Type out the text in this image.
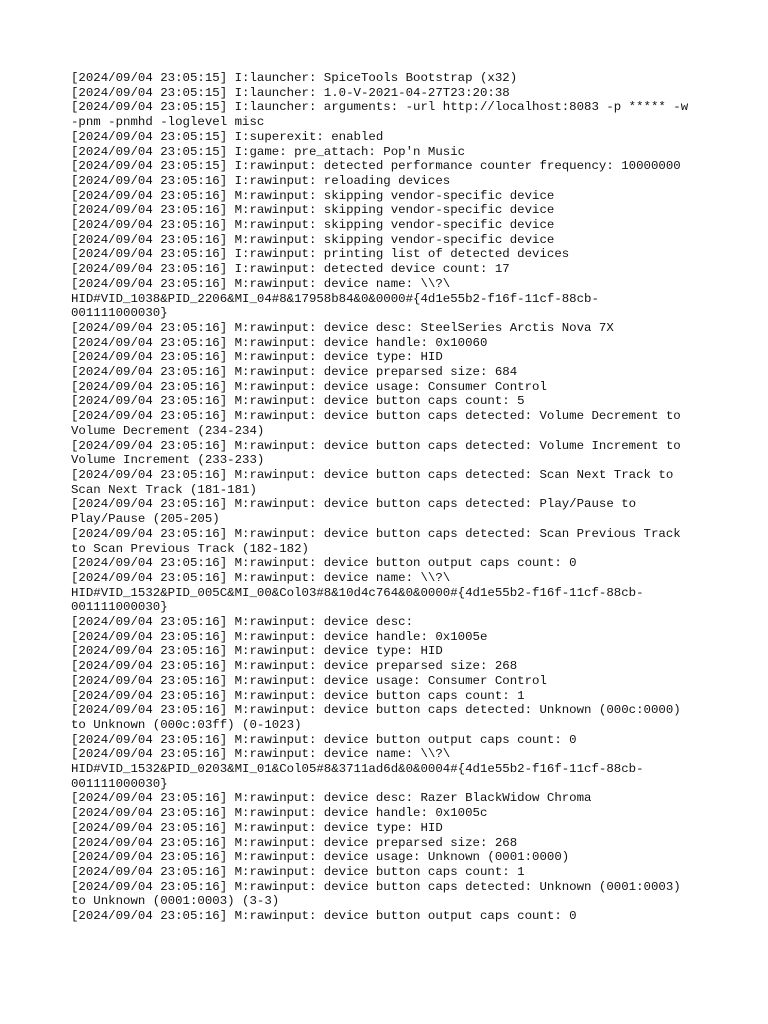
[2024/09/04 23:05:15] I:launcher: SpiceTools Bootstrap (x32)
[2024/09/04 23:05:15] I:launcher: 1.0-V-2021-04-27T23:20:38
[2024/09/04 23:05:15] I:launcher: arguments: -url http://localhost:8083 -p ***** -w
-pnm -pnmhd -loglevel misc
[2024/09/04 23:05:15] I:superexit: enabled
[2024/09/04 23:05:15] I:game: pre_attach: Pop'n Music
[2024/09/04 23:05:15] I:rawinput: detected performance counter frequency: 10000000
[2024/09/04 23:05:16] I:rawinput: reloading devices
[2024/09/04 23:05:16] M:rawinput: skipping vendor-specific device
[2024/09/04 23:05:16] M:rawinput: skipping vendor-specific device
[2024/09/04 23:05:16] M:rawinput: skipping vendor-specific device
[2024/09/04 23:05:16] M:rawinput: skipping vendor-specific device
[2024/09/04 23:05:16] I:rawinput: printing list of detected devices
[2024/09/04 23:05:16] I:rawinput: detected device count: 17
[2024/09/04 23:05:16] M:rawinput: device name: \\?\
HID#VID_1038&PID_2206&MI_04#8&17958b84&0&0000#{4d1e55b2-f16f-11cf-88cb-
001111000030}
[2024/09/04 23:05:16] M:rawinput: device desc: SteelSeries Arctis Nova 7X
[2024/09/04 23:05:16] M:rawinput: device handle: 0x10060
[2024/09/04 23:05:16] M:rawinput: device type: HID
[2024/09/04 23:05:16] M:rawinput: device preparsed size: 684
[2024/09/04 23:05:16] M:rawinput: device usage: Consumer Control
[2024/09/04 23:05:16] M:rawinput: device button caps count: 5
[2024/09/04 23:05:16] M:rawinput: device button caps detected: Volume Decrement to
Volume Decrement (234-234)
[2024/09/04 23:05:16] M:rawinput: device button caps detected: Volume Increment to
Volume Increment (233-233)
[2024/09/04 23:05:16] M:rawinput: device button caps detected: Scan Next Track to
Scan Next Track (181-181)
[2024/09/04 23:05:16] M:rawinput: device button caps detected: Play/Pause to
Play/Pause (205-205)
[2024/09/04 23:05:16] M:rawinput: device button caps detected: Scan Previous Track
to Scan Previous Track (182-182)
[2024/09/04 23:05:16] M:rawinput: device button output caps count: 0
[2024/09/04 23:05:16] M:rawinput: device name: \\?\
HID#VID_1532&PID_005C&MI_00&Col03#8&10d4c764&0&0000#{4d1e55b2-f16f-11cf-88cb-
001111000030}
[2024/09/04 23:05:16] M:rawinput: device desc:
[2024/09/04 23:05:16] M:rawinput: device handle: 0x1005e
[2024/09/04 23:05:16] M:rawinput: device type: HID
[2024/09/04 23:05:16] M:rawinput: device preparsed size: 268
[2024/09/04 23:05:16] M:rawinput: device usage: Consumer Control
[2024/09/04 23:05:16] M:rawinput: device button caps count: 1
[2024/09/04 23:05:16] M:rawinput: device button caps detected: Unknown (000c:0000)
to Unknown (000c:03ff) (0-1023)
[2024/09/04 23:05:16] M:rawinput: device button output caps count: 0
[2024/09/04 23:05:16] M:rawinput: device name: \\?\
HID#VID_1532&PID_0203&MI_01&Col05#8&3711ad6d&0&0004#{4d1e55b2-f16f-11cf-88cb-
001111000030}
[2024/09/04 23:05:16] M:rawinput: device desc: Razer BlackWidow Chroma
[2024/09/04 23:05:16] M:rawinput: device handle: 0x1005c
[2024/09/04 23:05:16] M:rawinput: device type: HID
[2024/09/04 23:05:16] M:rawinput: device preparsed size: 268
[2024/09/04 23:05:16] M:rawinput: device usage: Unknown (0001:0000)
[2024/09/04 23:05:16] M:rawinput: device button caps count: 1
[2024/09/04 23:05:16] M:rawinput: device button caps detected: Unknown (0001:0003)
to Unknown (0001:0003) (3-3)
[2024/09/04 23:05:16] M:rawinput: device button output caps count: 0
